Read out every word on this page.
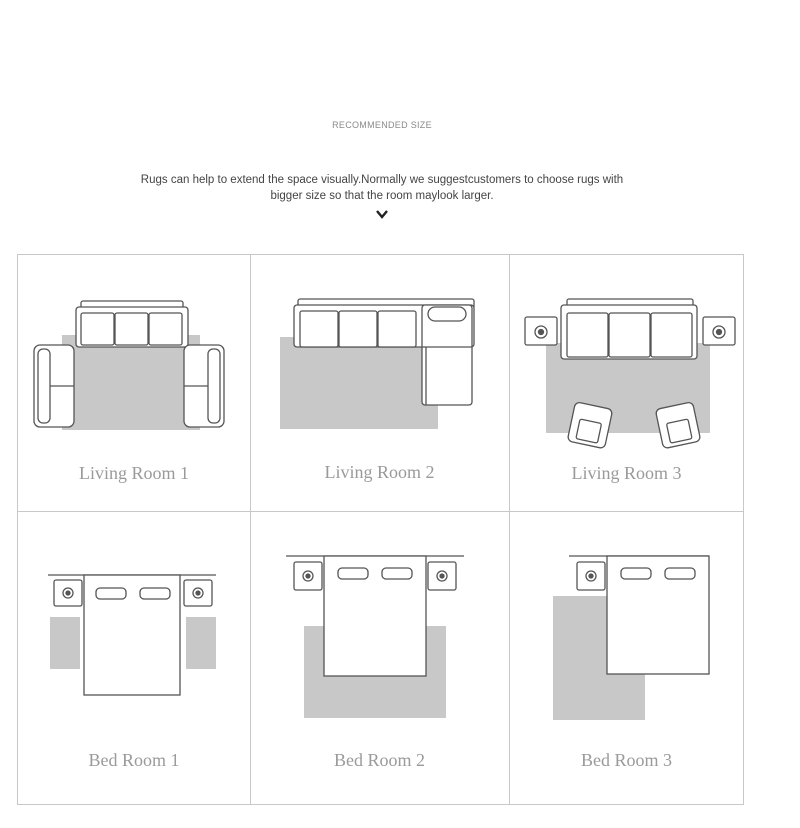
RECOMMENDED SIZE
Rugs can help to extend the space visually.Normally we suggestcustomers to choose rugs with
bigger size so that the room maylook larger.
Living Room 1	Living Room 2	Living Room 3
Bed Room 1	Bed Room 2	Bed Room 3
